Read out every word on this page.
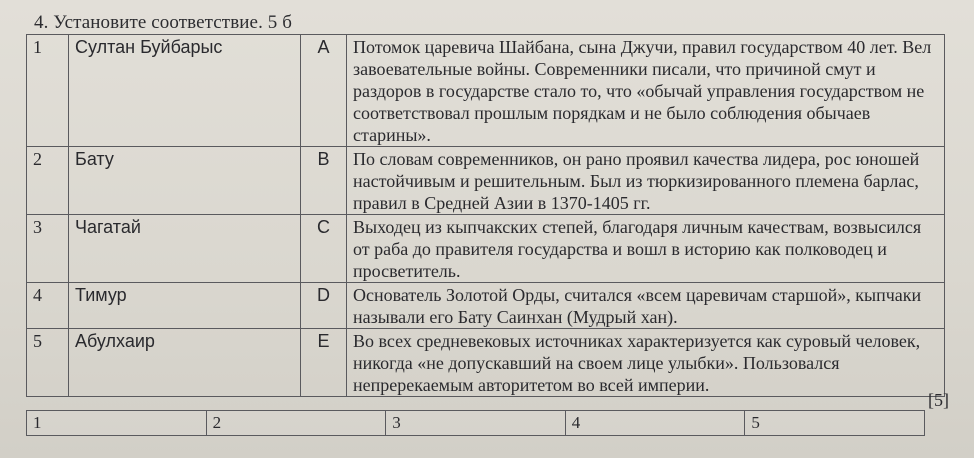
4. Установите соответствие. 5 б
1	Султан Буйбарыс	A	Потомок царевича Шайбана, сына Джучи, правил государством 40 лет. Вел завоевательные войны. Современники писали, что причиной смут и раздоров в государстве стало то, что «обычай управления государством не соответствовал прошлым порядкам и не было соблюдения обычаев старины».
2	Бату	B	По словам современников, он рано проявил качества лидера, рос юношей настойчивым и решительным. Был из тюркизированного племена барлас, правил в Средней Азии в 1370-1405 гг.
3	Чагатай	C	Выходец из кыпчакских степей, благодаря личным качествам, возвысился от раба до правителя государства и вошл в историю как полководец и просветитель.
4	Тимур	D	Основатель Золотой Орды, считался «всем царевичам старшой», кыпчаки называли его Бату Саинхан (Мудрый хан).
5	Абулхаир	E	Во всех средневековых источниках характеризуется как суровый человек, никогда «не допускавший на своем лице улыбки». Пользовался непререкаемым авторитетом во всей империи.
[5]
1	2	3	4	5
